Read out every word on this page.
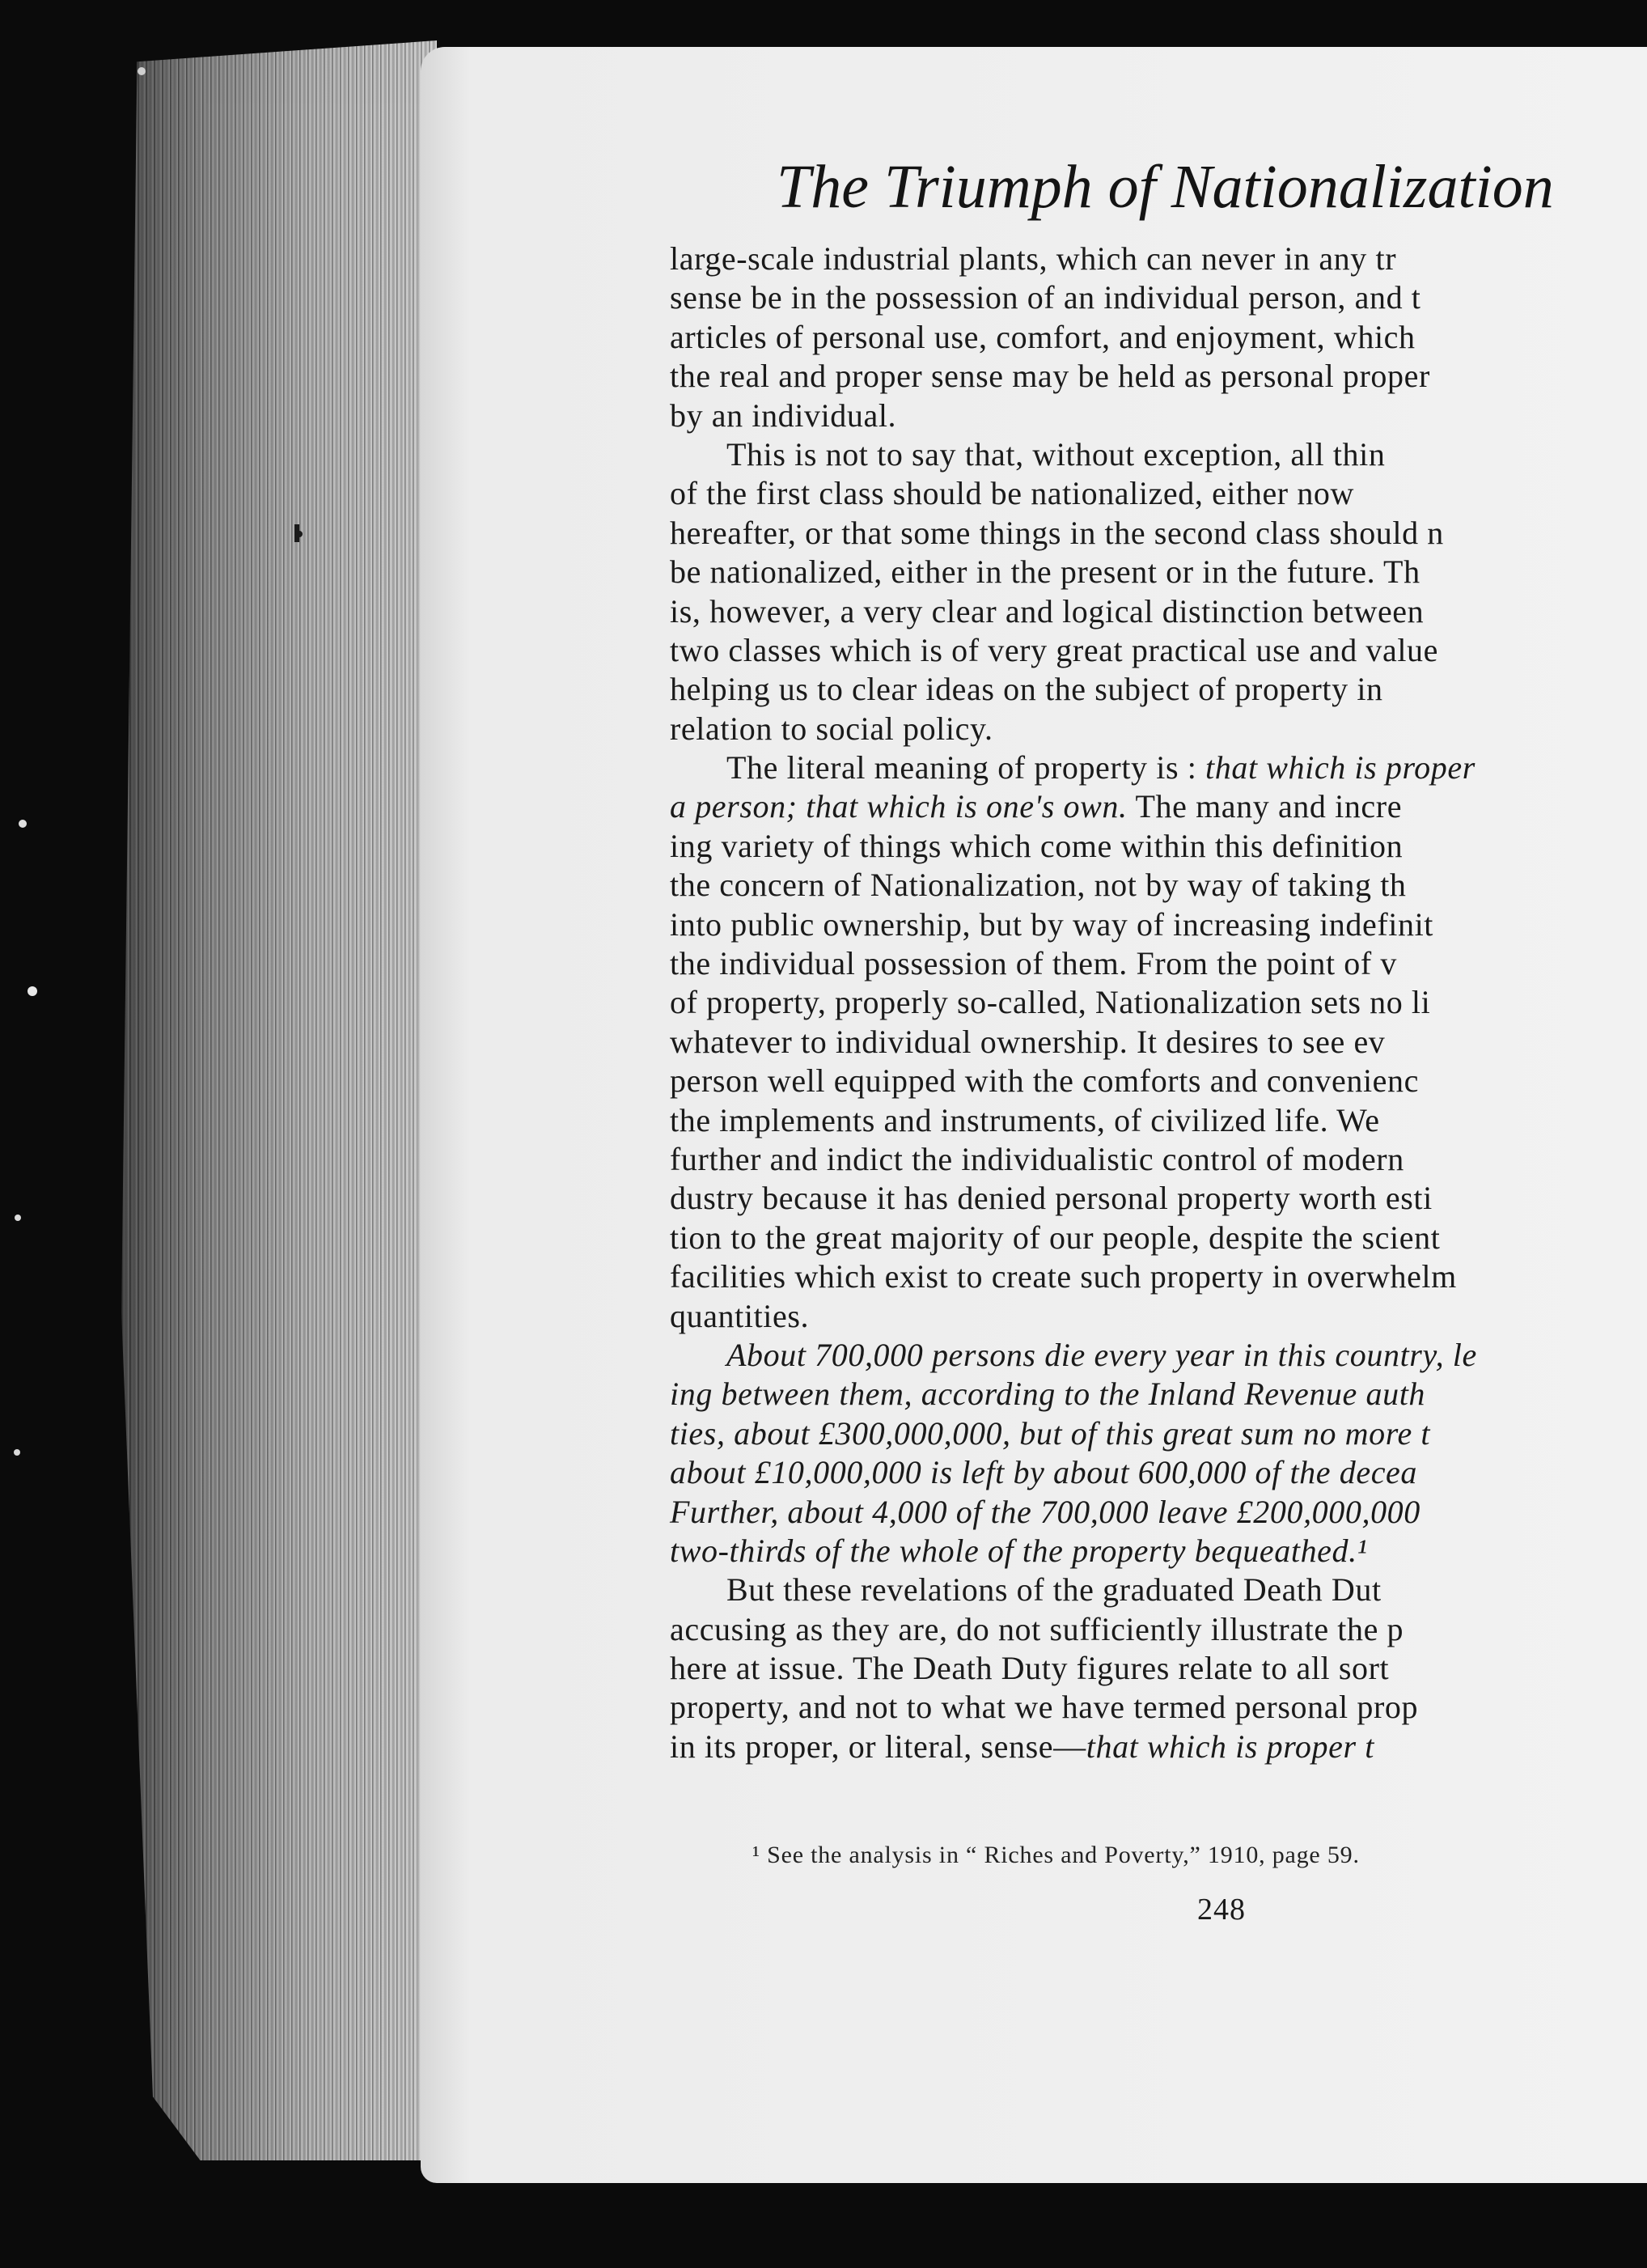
The Triumph of Nationalization
large-scale industrial plants, which can never in any tr
sense be in the possession of an individual person, and t
articles of personal use, comfort, and enjoyment, which
the real and proper sense may be held as personal proper
by an individual.
This is not to say that, without exception, all thin
of the first class should be nationalized, either now
hereafter, or that some things in the second class should n
be nationalized, either in the present or in the future. Th
is, however, a very clear and logical distinction between
two classes which is of very great practical use and value
helping us to clear ideas on the subject of property in
relation to social policy.
The literal meaning of property is : that which is proper
a person; that which is one's own. The many and incre
ing variety of things which come within this definition
the concern of Nationalization, not by way of taking th
into public ownership, but by way of increasing indefinit
the individual possession of them. From the point of v
of property, properly so-called, Nationalization sets no li
whatever to individual ownership. It desires to see ev
person well equipped with the comforts and convenienc
the implements and instruments, of civilized life. We
further and indict the individualistic control of modern
dustry because it has denied personal property worth esti
tion to the great majority of our people, despite the scient
facilities which exist to create such property in overwhelm
quantities.
About 700,000 persons die every year in this country, le
ing between them, according to the Inland Revenue auth
ties, about £300,000,000, but of this great sum no more t
about £10,000,000 is left by about 600,000 of the decea
Further, about 4,000 of the 700,000 leave £200,000,000
two-thirds of the whole of the property bequeathed.¹
But these revelations of the graduated Death Dut
accusing as they are, do not sufficiently illustrate the p
here at issue. The Death Duty figures relate to all sort
property, and not to what we have termed personal prop
in its proper, or literal, sense—that which is proper t
¹ See the analysis in “ Riches and Poverty,” 1910, page 59.
248
